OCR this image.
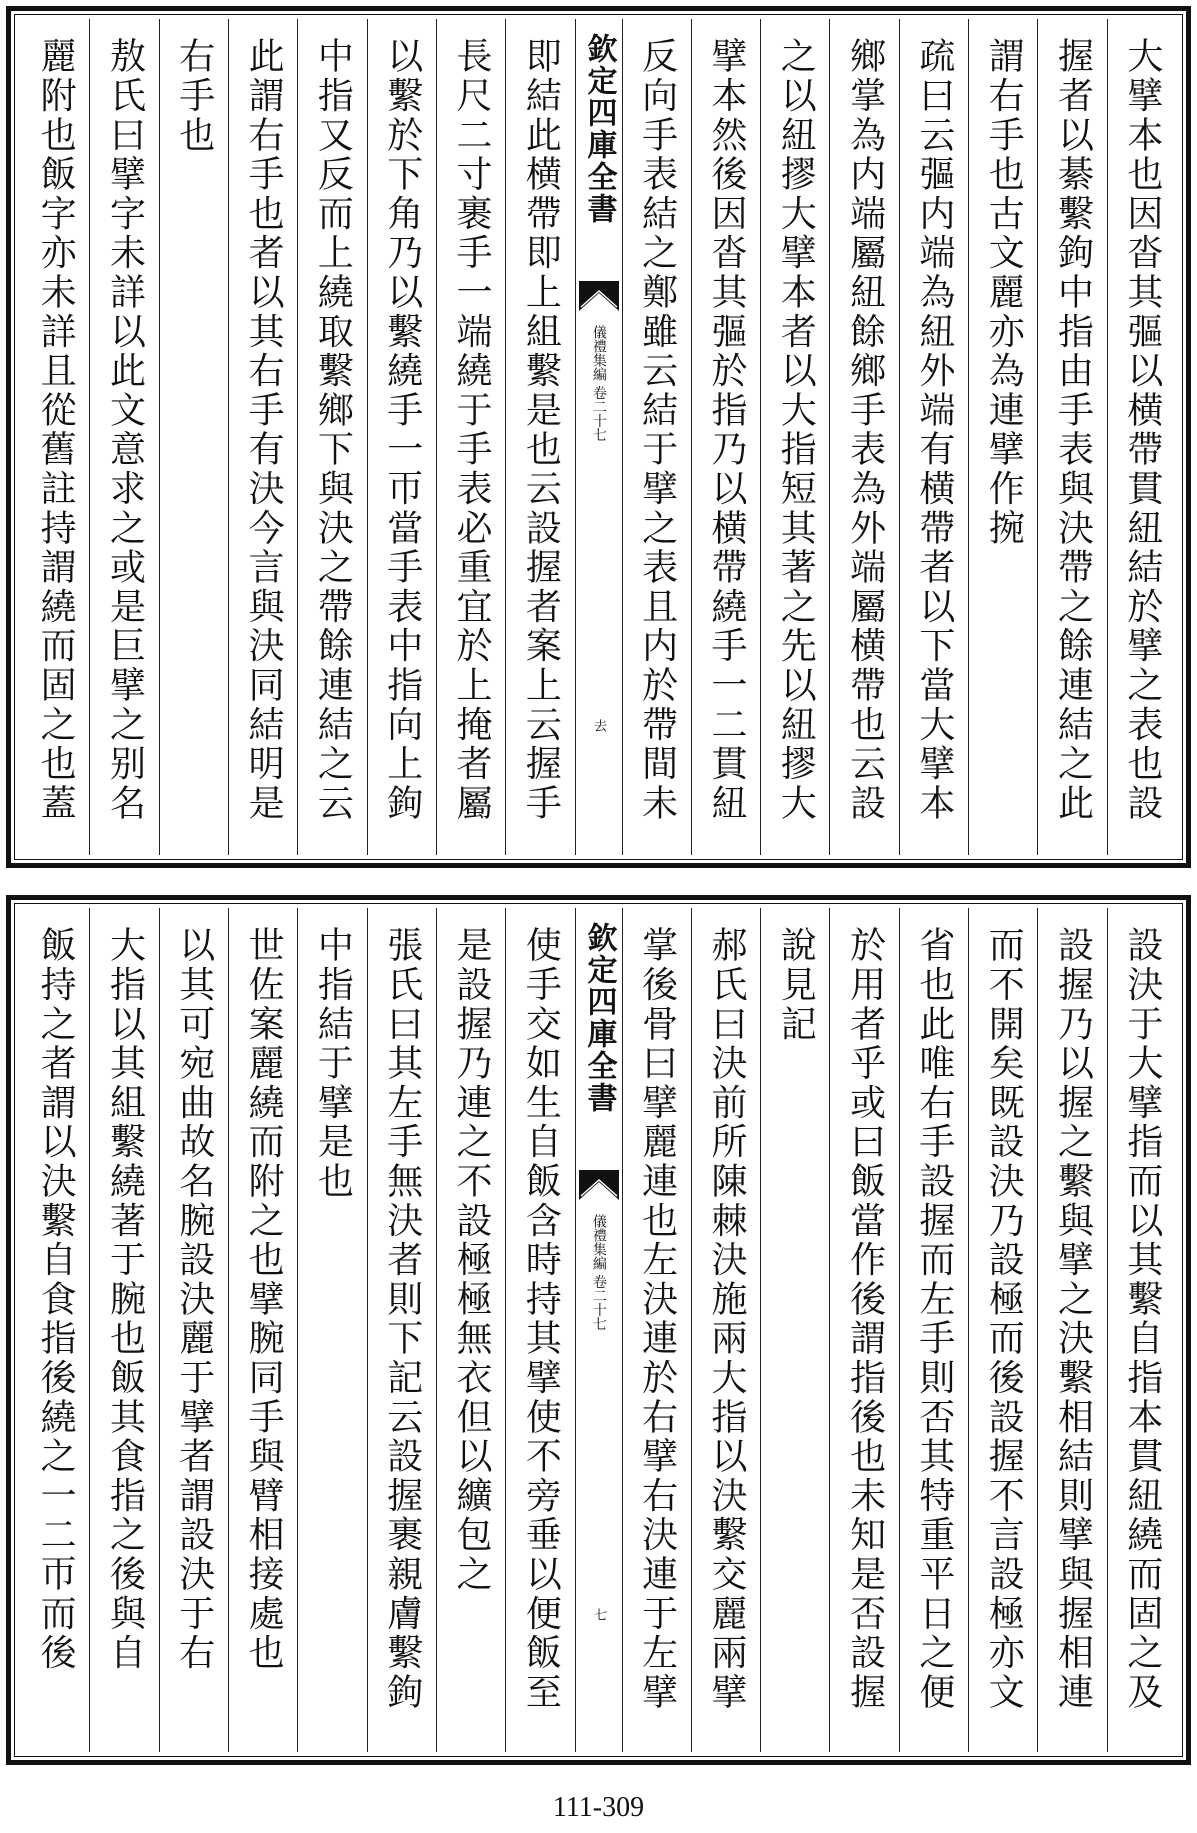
大擘本也因沓其彄以横帶貫紐結於擘之表也設
握者以綦繫鉤中指由手表與決帶之餘連結之此
謂右手也古文麗亦為連擘作捥
疏曰云彄内端為紐外端有横帶者以下當大擘本
鄉掌為内端屬紐餘鄉手表為外端屬横帶也云設
之以紐摎大擘本者以大指短其著之先以紐摎大
擘本然後因沓其彄於指乃以横帶繞手一二貫紐
反向手表結之鄭雖云結于擘之表且内於帶間未
欽定四庫全書
儀禮集編 卷二十七
去
即結此横帶即上組繫是也云設握者案上云握手
長尺二寸裹手一端繞于手表必重宜於上掩者屬
以繫於下角乃以繫繞手一帀當手表中指向上鉤
中指又反而上繞取繫鄉下與決之帶餘連結之云
此謂右手也者以其右手有決今言與決同結明是
右手也
敖氏曰擘字未詳以此文意求之或是巨擘之别名
麗附也飯字亦未詳且從舊註持謂繞而固之也蓋
設決于大擘指而以其繫自指本貫紐繞而固之及
設握乃以握之繫與擘之決繫相結則擘與握相連
而不開矣既設決乃設極而後設握不言設極亦文
省也此唯右手設握而左手則否其特重平日之便
於用者乎或曰飯當作後謂指後也未知是否設握
說見記
郝氏曰決前所陳棘決施兩大指以決繫交麗兩擘
掌後骨曰擘麗連也左決連於右擘右決連于左擘
欽定四庫全書
儀禮集編 卷二十七
七
使手交如生自飯含時持其擘使不旁垂以便飯至
是設握乃連之不設極極無衣但以纊包之
張氏曰其左手無決者則下記云設握裹親膚繫鉤
中指結于擘是也
世佐案麗繞而附之也擘腕同手與臂相接處也
以其可宛曲故名腕設決麗于擘者謂設決于右
大指以其組繫繞著于腕也飯其食指之後與自
飯持之者謂以決繫自食指後繞之一二帀而後
111-309
